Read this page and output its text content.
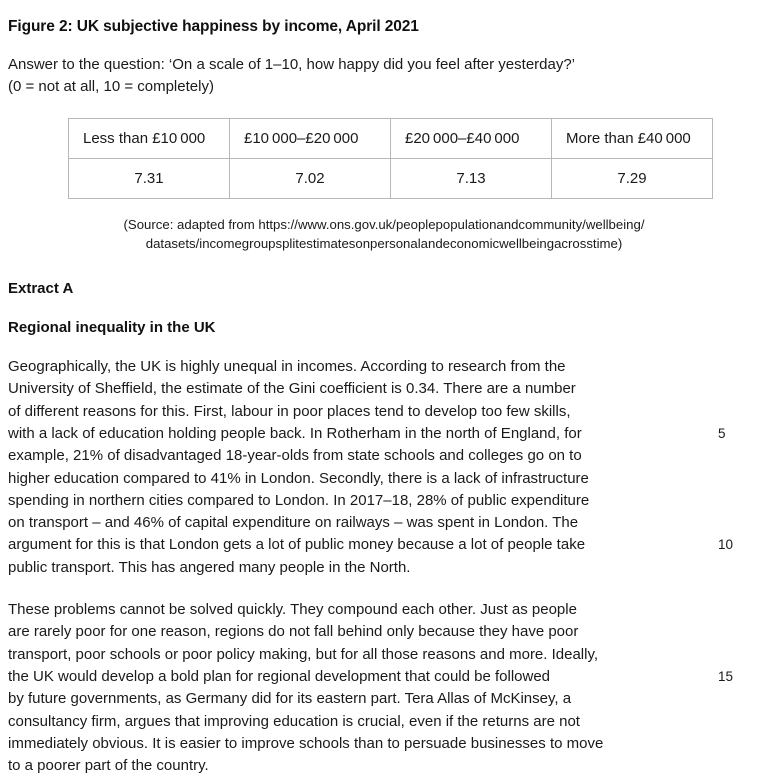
Figure 2: UK subjective happiness by income, April 2021
Answer to the question: ‘On a scale of 1–10, how happy did you feel after yesterday?’
(0 = not at all, 10 = completely)
Less than £10 000	£10 000–£20 000	£20 000–£40 000	More than £40 000
7.31	7.02	7.13	7.29
(Source: adapted from https://www.ons.gov.uk/peoplepopulationandcommunity/wellbeing/
datasets/incomegroupsplitestimatesonpersonalandeconomicwellbeingacrosstime)
Extract A
Regional inequality in the UK
Geographically, the UK is highly unequal in incomes. According to research from the
University of Sheffield, the estimate of the Gini coefficient is 0.34. There are a number
of different reasons for this. First, labour in poor places tend to develop too few skills,
with a lack of education holding people back. In Rotherham in the north of England, for	5
example, 21% of disadvantaged 18-year-olds from state schools and colleges go on to
higher education compared to 41% in London. Secondly, there is a lack of infrastructure
spending in northern cities compared to London. In 2017–18, 28% of public expenditure
on transport – and 46% of capital expenditure on railways – was spent in London. The
argument for this is that London gets a lot of public money because a lot of people take	10
public transport. This has angered many people in the North.
These problems cannot be solved quickly. They compound each other. Just as people
are rarely poor for one reason, regions do not fall behind only because they have poor
transport, poor schools or poor policy making, but for all those reasons and more. Ideally,
the UK would develop a bold plan for regional development that could be followed	15
by future governments, as Germany did for its eastern part. Tera Allas of McKinsey, a
consultancy firm, argues that improving education is crucial, even if the returns are not
immediately obvious. It is easier to improve schools than to persuade businesses to move
to a poorer part of the country.
